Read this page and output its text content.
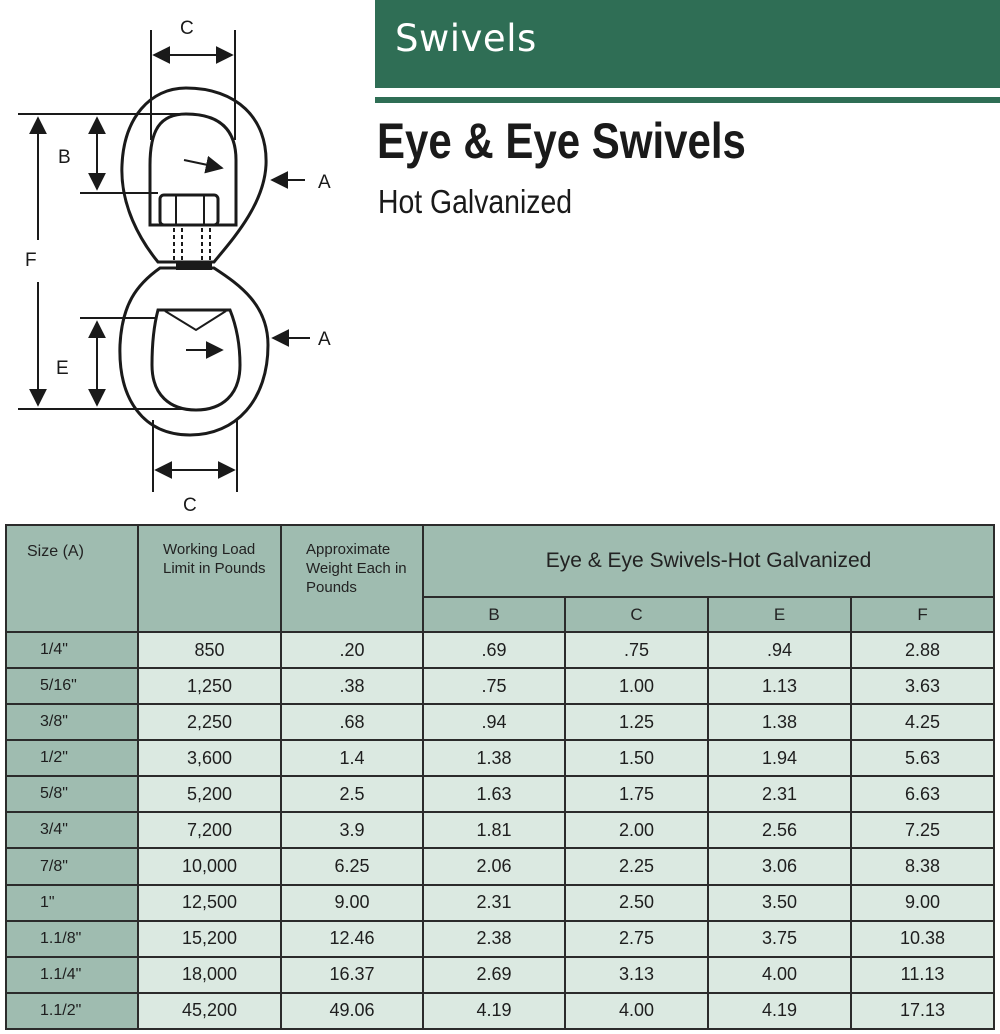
C
C
B
A
A
F
E
Swivels
Eye & Eye Swivels
Hot Galvanized
Size (A)	Working Load Limit in Pounds	Approximate Weight Each in Pounds	Eye & Eye Swivels-Hot Galvanized			
			B	C	E	F
1/4"	850	.20	.69	.75	.94	2.88
5/16"	1,250	.38	.75	1.00	1.13	3.63
3/8"	2,250	.68	.94	1.25	1.38	4.25
1/2"	3,600	1.4	1.38	1.50	1.94	5.63
5/8"	5,200	2.5	1.63	1.75	2.31	6.63
3/4"	7,200	3.9	1.81	2.00	2.56	7.25
7/8"	10,000	6.25	2.06	2.25	3.06	8.38
1"	12,500	9.00	2.31	2.50	3.50	9.00
1.1/8"	15,200	12.46	2.38	2.75	3.75	10.38
1.1/4"	18,000	16.37	2.69	3.13	4.00	11.13
1.1/2"	45,200	49.06	4.19	4.00	4.19	17.13
